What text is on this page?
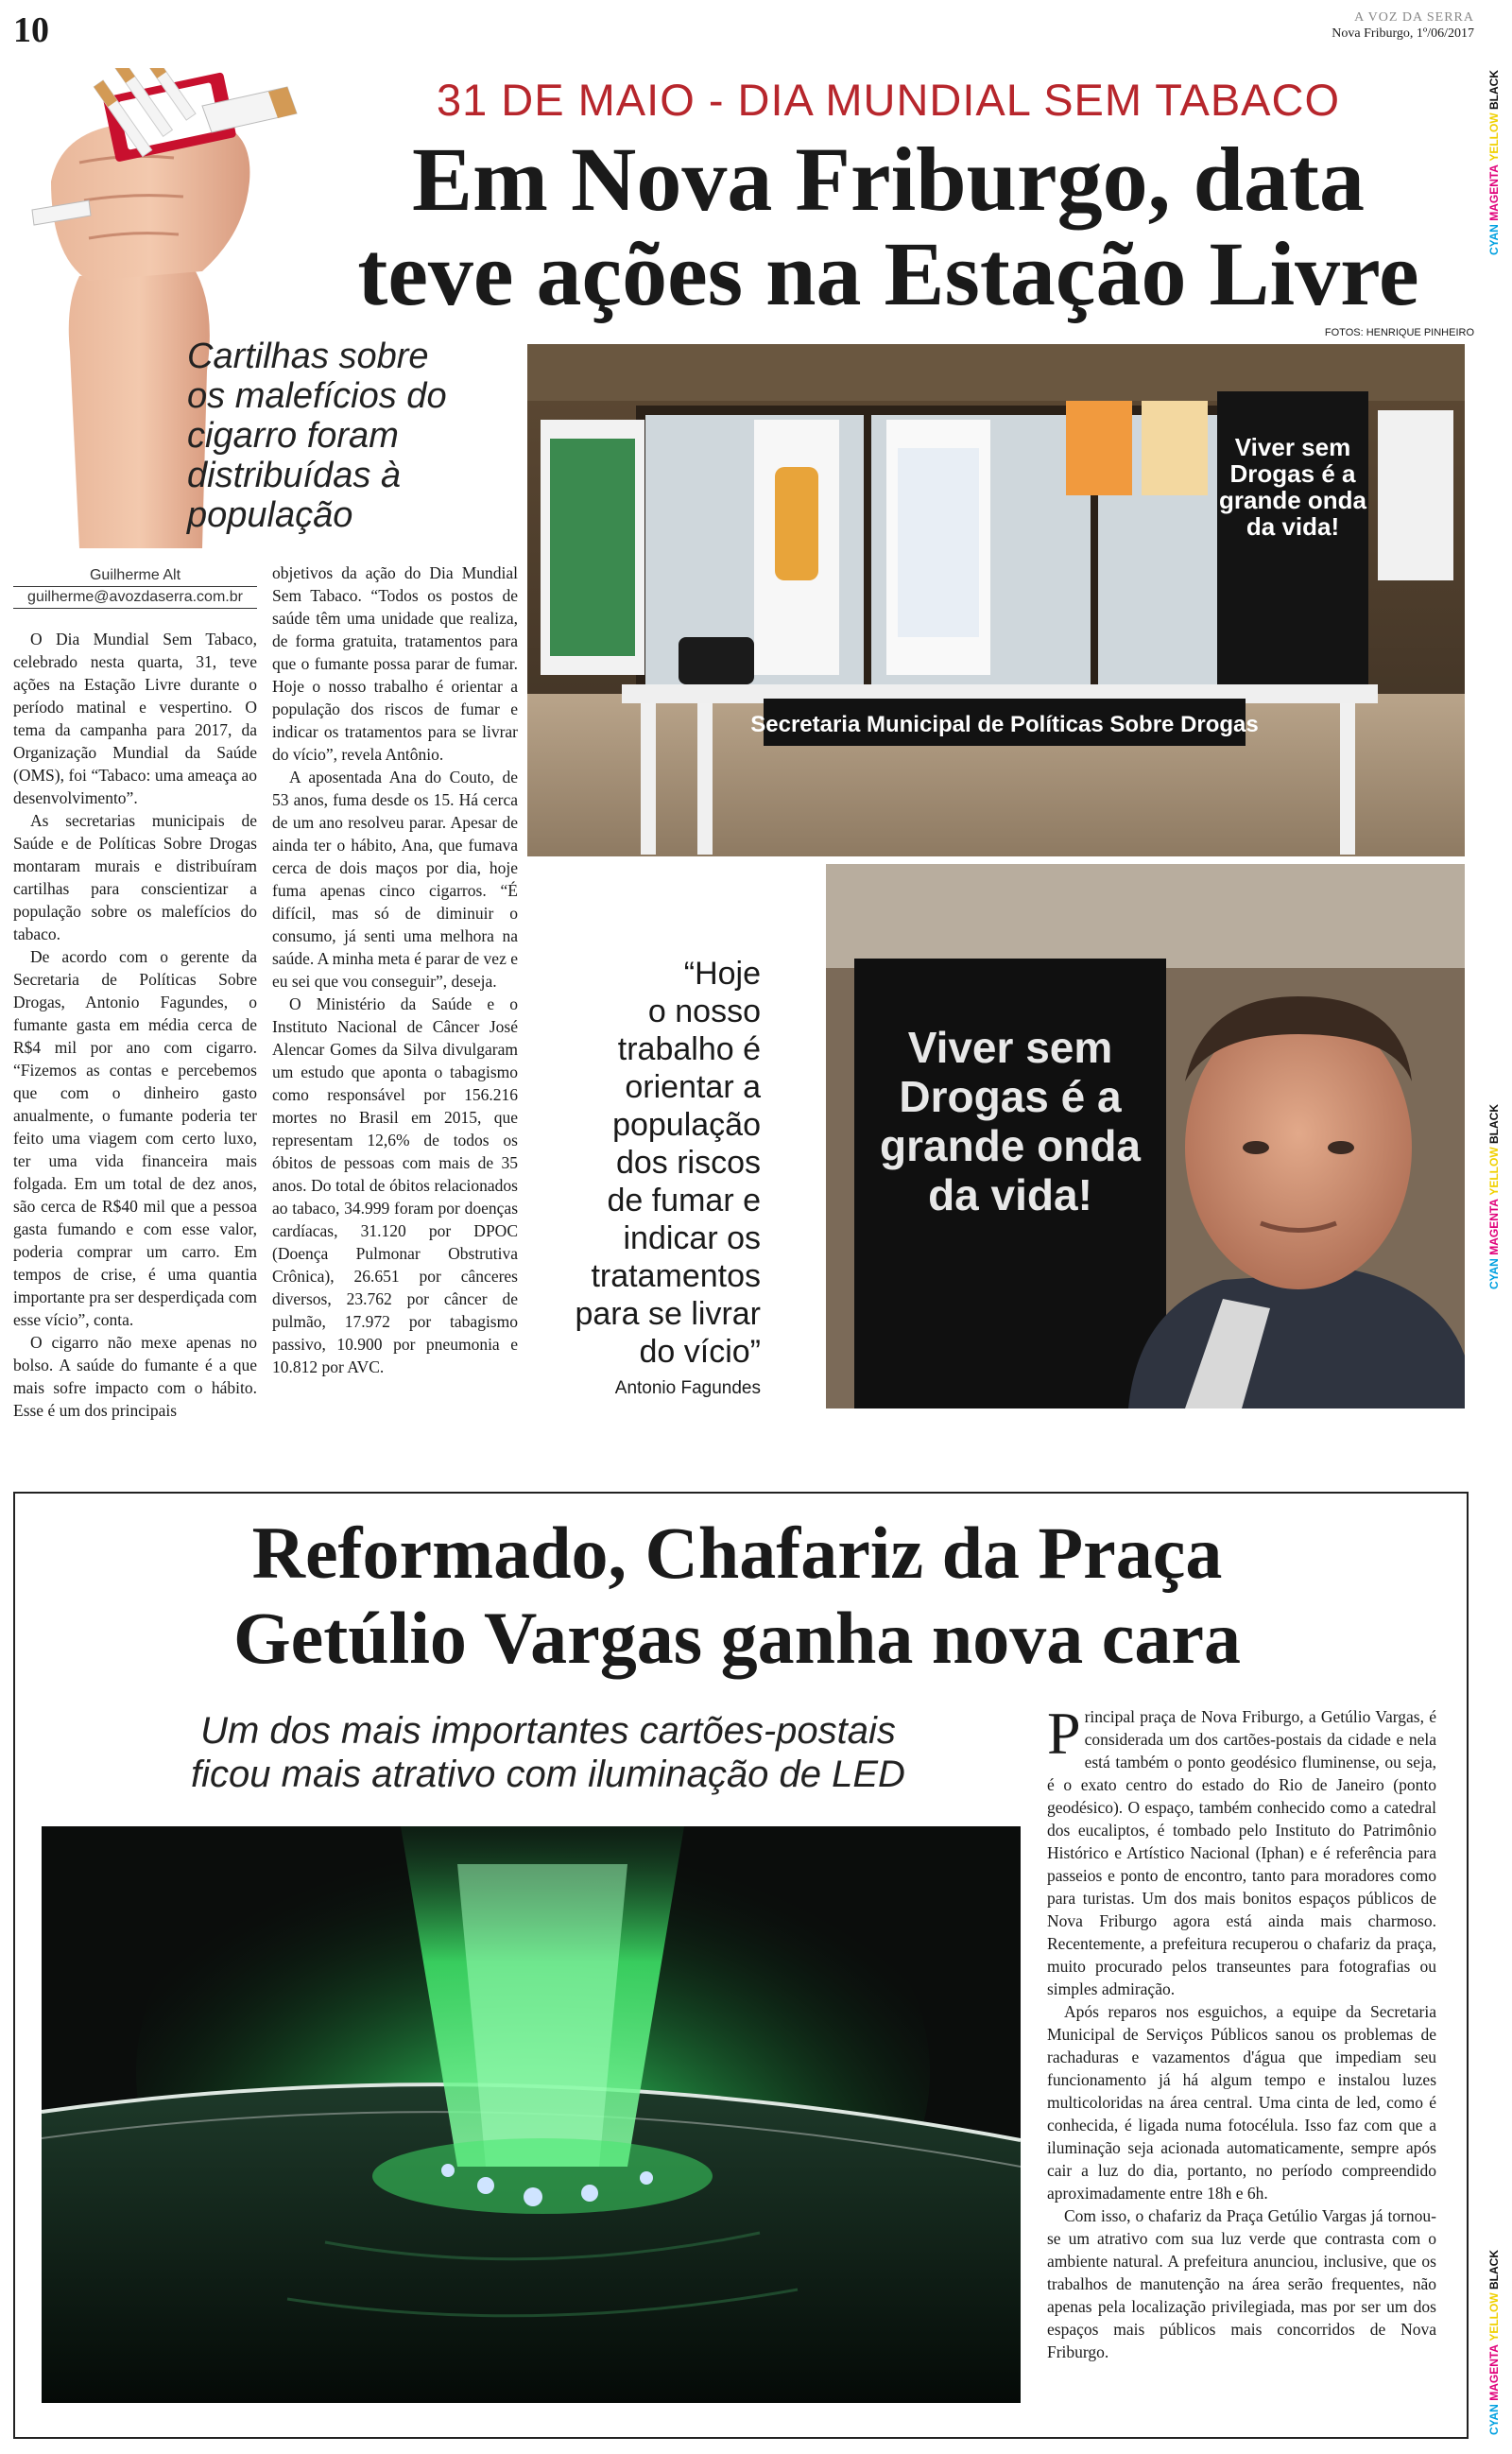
10	A VOZ DA SERRA
Nova Friburgo, 1º/06/2017
CYAN MAGENTA YELLOW BLACK
CYAN MAGENTA YELLOW BLACK
CYAN MAGENTA YELLOW BLACK
31 DE MAIO - DIA MUNDIAL SEM TABACO
Em Nova Friburgo, data
teve ações na Estação Livre
FOTOS: HENRIQUE PINHEIRO
Cartilhas sobre
os malefícios do
cigarro foram
distribuídas à
população
Guilherme Alt
guilherme@avozdaserra.com.br

O Dia Mundial Sem Tabaco, celebrado nesta quarta, 31, teve ações na Estação Livre durante o período matinal e vespertino. O tema da campanha para 2017, da Organização Mundial da Saúde (OMS), foi “Tabaco: uma ameaça ao desenvolvimento”.

As secretarias municipais de Saúde e de Políticas Sobre Drogas montaram murais e distribuíram cartilhas para conscientizar a população sobre os malefícios do tabaco.

De acordo com o gerente da Secretaria de Políticas Sobre Drogas, Antonio Fagundes, o fumante gasta em média cerca de R$4 mil por ano com cigarro. “Fizemos as contas e percebemos que com o dinheiro gasto anualmente, o fumante poderia ter feito uma viagem com certo luxo, ter uma vida financeira mais folgada. Em um total de dez anos, são cerca de R$40 mil que a pessoa gasta fumando e com esse valor, poderia comprar um carro. Em tempos de crise, é uma quantia importante pra ser desperdiçada com esse vício”, conta.

O cigarro não mexe apenas no bolso. A saúde do fumante é a que mais sofre impacto com o hábito. Esse é um dos principais

objetivos da ação do Dia Mundial Sem Tabaco. “Todos os postos de saúde têm uma unidade que realiza, de forma gratuita, tratamentos para que o fumante possa parar de fumar. Hoje o nosso trabalho é orientar a população dos riscos de fumar e indicar os tratamentos para se livrar do vício”, revela Antônio.

A aposentada Ana do Couto, de 53 anos, fuma desde os 15. Há cerca de um ano resolveu parar. Apesar de ainda ter o hábito, Ana, que fumava cerca de dois maços por dia, hoje fuma apenas cinco cigarros. “É difícil, mas só de diminuir o consumo, já senti uma melhora na saúde. A minha meta é parar de vez e eu sei que vou conseguir”, deseja.

O Ministério da Saúde e o Instituto Nacional de Câncer José Alencar Gomes da Silva divulgaram um estudo que aponta o tabagismo como responsável por 156.216 mortes no Brasil em 2015, que representam 12,6% de todos os óbitos de pessoas com mais de 35 anos. Do total de óbitos relacionados ao tabaco, 34.999 foram por doenças cardíacas, 31.120 por DPOC (Doença Pulmonar Obstrutiva Crônica), 26.651 por cânceres diversos, 23.762 por câncer de pulmão, 17.972 por tabagismo passivo, 10.900 por pneumonia e 10.812 por AVC.

Viver sem
Drogas é a
grande onda
da vida!
Secretaria Municipal de Políticas Sobre Drogas
Viver sem
Drogas é a
grande onda
da vida!
“Hoje
o nosso
trabalho é
orientar a
população
dos riscos
de fumar e
indicar os
tratamentos
para se livrar
do vício”
Antonio Fagundes
Reformado, Chafariz da Praça
Getúlio Vargas ganha nova cara
Um dos mais importantes cartões-postais
ficou mais atrativo com iluminação de LED

Principal praça de Nova Friburgo, a Getúlio Vargas, é considerada um dos cartões-postais da cidade e nela está também o ponto geodésico fluminense, ou seja, é o exato centro do estado do Rio de Janeiro (ponto geodésico). O espaço, também conhecido como a catedral dos eucaliptos, é tombado pelo Instituto do Patrimônio Histórico e Artístico Nacional (Iphan) e é referência para passeios e ponto de encontro, tanto para moradores como para turistas. Um dos mais bonitos espaços públicos de Nova Friburgo agora está ainda mais charmoso. Recentemente, a prefeitura recuperou o chafariz da praça, muito procurado pelos transeuntes para fotografias ou simples admiração.

Após reparos nos esguichos, a equipe da Secretaria Municipal de Serviços Públicos sanou os problemas de rachaduras e vazamentos d'água que impediam seu funcionamento já há algum tempo e instalou luzes multicoloridas na área central. Uma cinta de led, como é conhecida, é ligada numa fotocélula. Isso faz com que a iluminação seja acionada automaticamente, sempre após cair a luz do dia, portanto, no período compreendido aproximadamente entre 18h e 6h.

Com isso, o chafariz da Praça Getúlio Vargas já tornou-se um atrativo com sua luz verde que contrasta com o ambiente natural. A prefeitura anunciou, inclusive, que os trabalhos de manutenção na área serão frequentes, não apenas pela localização privilegiada, mas por ser um dos espaços mais públicos mais concorridos de Nova Friburgo.
